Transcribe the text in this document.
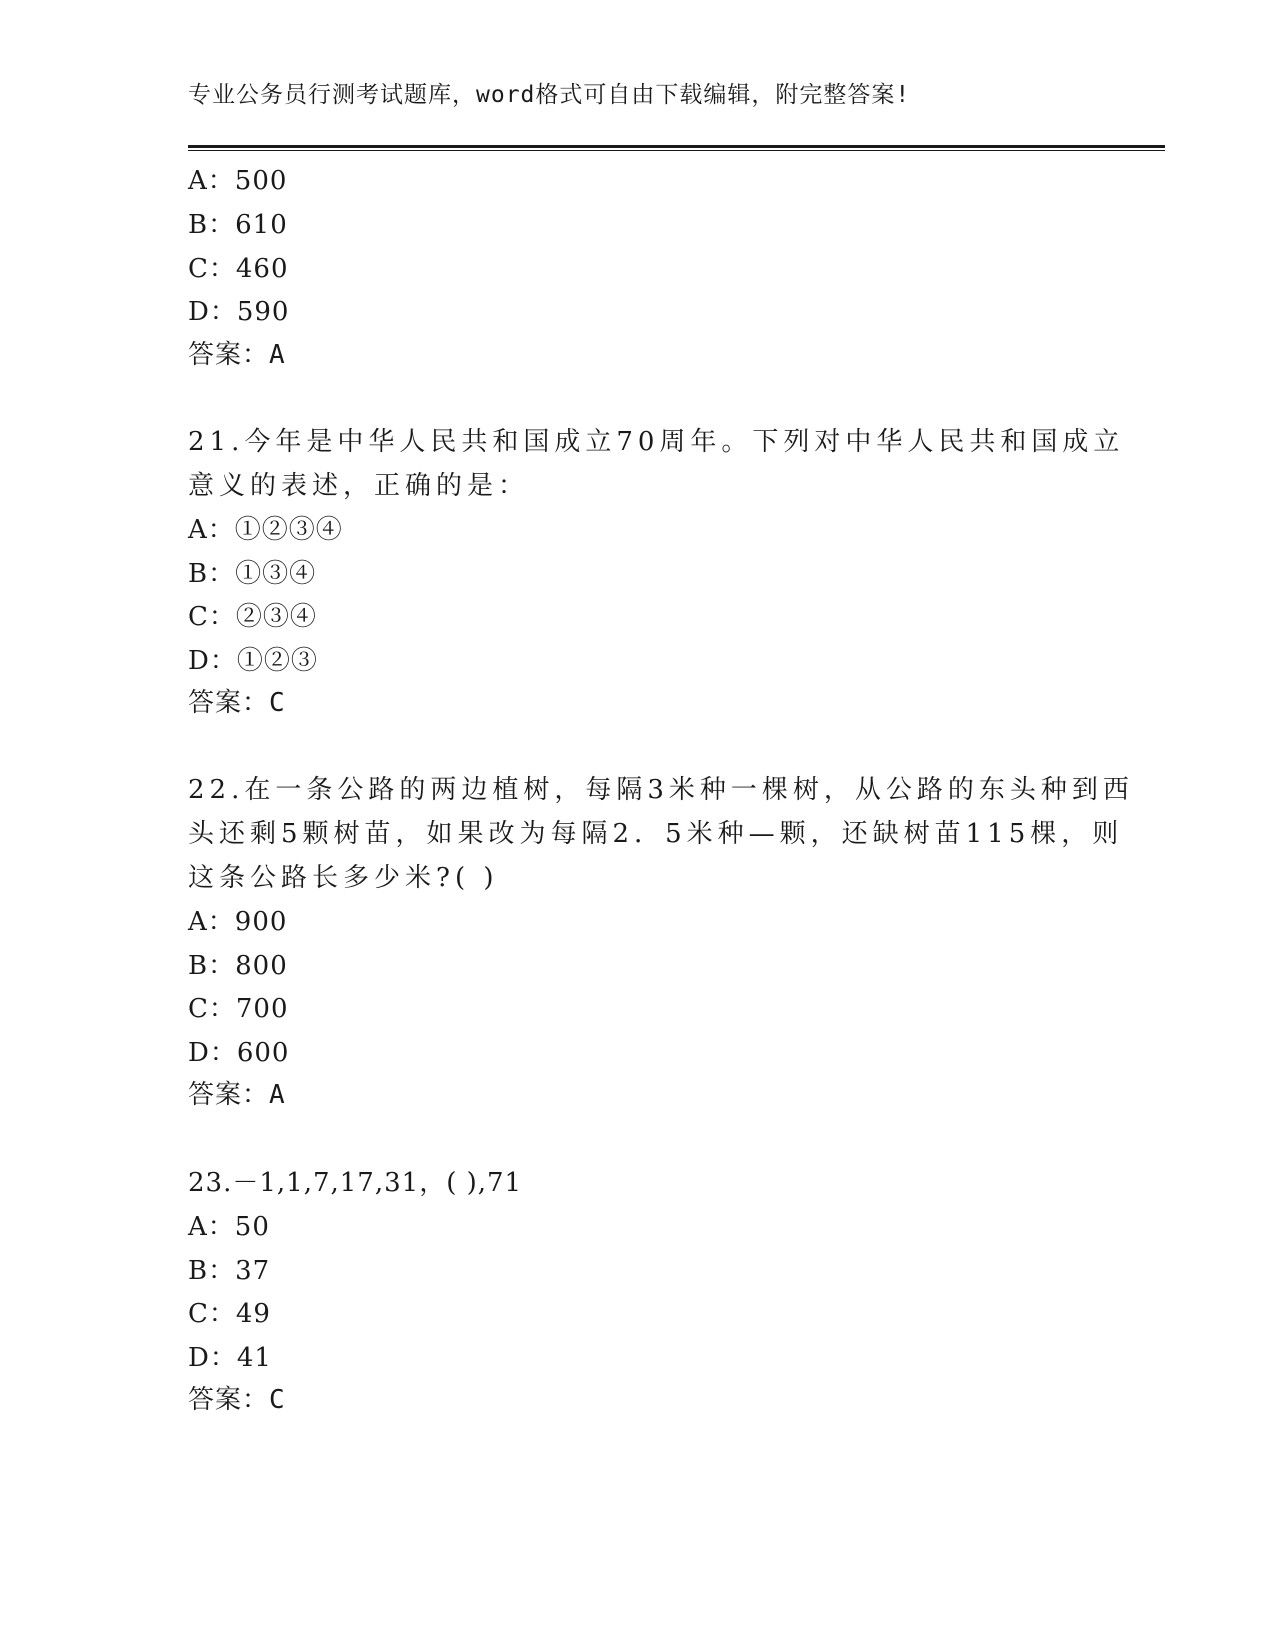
专业公务员行测考试题库，word格式可自由下载编辑，附完整答案!
A：500
B：610
C：460
D：590
答案：A
21.今年是中华人民共和国成立70周年。下列对中华人民共和国成立
意义的表述，正确的是：
A：①②③④
B：①③④
C：②③④
D：①②③
答案：C
22.在一条公路的两边植树，每隔3米种一棵树，从公路的东头种到西
头还剩5颗树苗，如果改为每隔2．5米种—颗，还缺树苗115棵，则
这条公路长多少米?( )
A：900
B：800
C：700
D：600
答案：A
23.－1,1,7,17,31，( ),71
A：50
B：37
C：49
D：41
答案：C
